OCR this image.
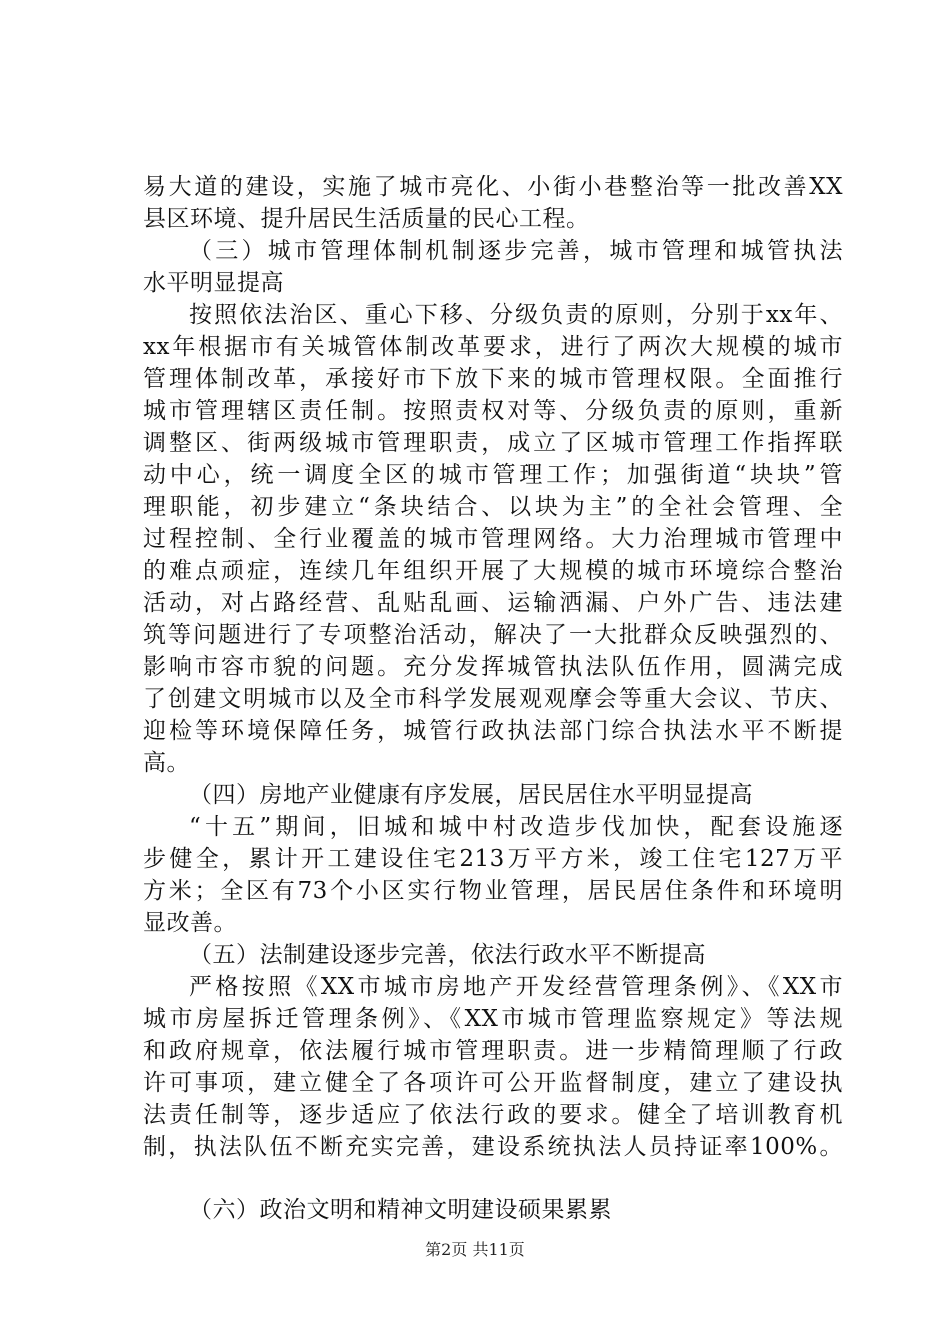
易大道的建设，实施了城市亮化、小街小巷整治等一批改善XX
县区环境、提升居民生活质量的民心工程。
（三）城市管理体制机制逐步完善，城市管理和城管执法
水平明显提高
按照依法治区、重心下移、分级负责的原则，分别于xx年、
xx年根据市有关城管体制改革要求，进行了两次大规模的城市
管理体制改革，承接好市下放下来的城市管理权限。全面推行
城市管理辖区责任制。按照责权对等、分级负责的原则，重新
调整区、街两级城市管理职责，成立了区城市管理工作指挥联
动中心，统一调度全区的城市管理工作；加强街道“块块”管
理职能，初步建立“条块结合、以块为主”的全社会管理、全
过程控制、全行业覆盖的城市管理网络。大力治理城市管理中
的难点顽症，连续几年组织开展了大规模的城市环境综合整治
活动，对占路经营、乱贴乱画、运输洒漏、户外广告、违法建
筑等问题进行了专项整治活动，解决了一大批群众反映强烈的、
影响市容市貌的问题。充分发挥城管执法队伍作用，圆满完成
了创建文明城市以及全市科学发展观观摩会等重大会议、节庆、
迎检等环境保障任务，城管行政执法部门综合执法水平不断提
高。
（四）房地产业健康有序发展，居民居住水平明显提高
“十五”期间，旧城和城中村改造步伐加快，配套设施逐
步健全，累计开工建设住宅213万平方米，竣工住宅127万平
方米；全区有73个小区实行物业管理，居民居住条件和环境明
显改善。
（五）法制建设逐步完善，依法行政水平不断提高
严格按照《XX市城市房地产开发经营管理条例》、《XX市
城市房屋拆迁管理条例》、《XX市城市管理监察规定》等法规
和政府规章，依法履行城市管理职责。进一步精简理顺了行政
许可事项，建立健全了各项许可公开监督制度，建立了建设执
法责任制等，逐步适应了依法行政的要求。健全了培训教育机
制，执法队伍不断充实完善，建设系统执法人员持证率100%。
（六）政治文明和精神文明建设硕果累累
第2页 共11页
